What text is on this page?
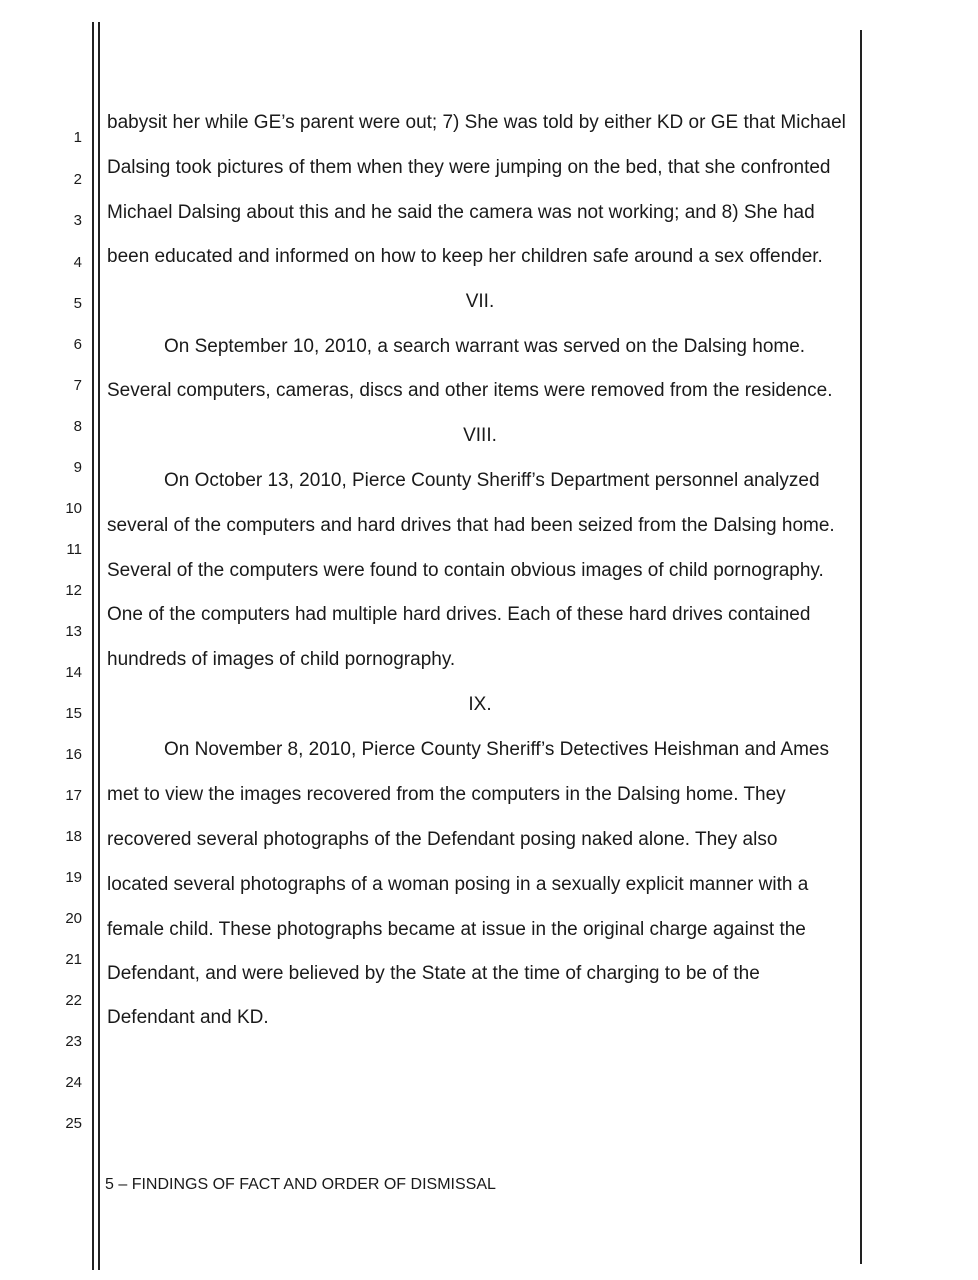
1
2
3
4
5
6
7
8
9
10
11
12
13
14
15
16
17
18
19
20
21
22
23
24
25
babysit her while GE’s parent were out; 7) She was told by either KD or GE that Michael
Dalsing took pictures of them when they were jumping on the bed, that she confronted
Michael Dalsing about this and he said the camera was not working; and 8) She had
been educated and informed on how to keep her children safe around a sex offender.
VII.
On September 10, 2010, a search warrant was served on the Dalsing home.
Several computers, cameras, discs and other items were removed from the residence.
VIII.
On October 13, 2010, Pierce County Sheriff’s Department personnel analyzed
several of the computers and hard drives that had been seized from the Dalsing home.
Several of the computers were found to contain obvious images of child pornography.
One of the computers had multiple hard drives. Each of these hard drives contained
hundreds of images of child pornography.
IX.
On November 8, 2010, Pierce County Sheriff’s Detectives Heishman and Ames
met to view the images recovered from the computers in the Dalsing home. They
recovered several photographs of the Defendant posing naked alone. They also
located several photographs of a woman posing in a sexually explicit manner with a
female child. These photographs became at issue in the original charge against the
Defendant, and were believed by the State at the time of charging to be of the
Defendant and KD.
5 – FINDINGS OF FACT AND ORDER OF DISMISSAL
